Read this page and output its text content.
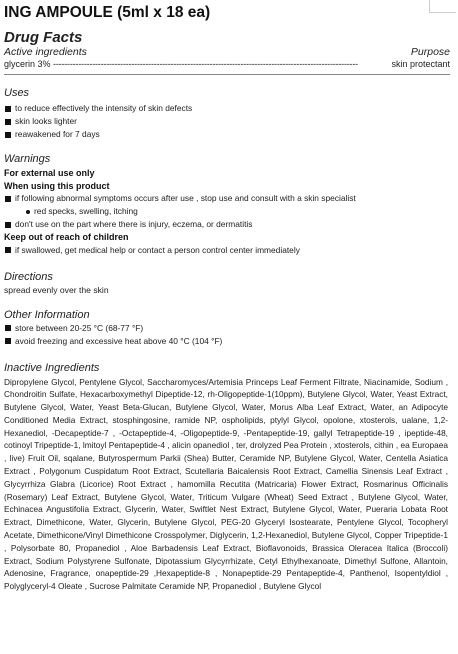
ING AMPOULE (5ml x 18 ea)
Drug Facts
Active ingredients	Purpose
glycerin 3%
-------------------------------------------------------------------------------------------------------------
	skin protectant
Uses
to reduce effectively the intensity of skin defects
skin looks lighter
reawakened for 7 days
Warnings
For external use only
When using this product
if following abnormal symptoms occurs after use , stop use and consult with a skin specialist
red specks, swelling, itching
don't use on the part where there is injury, eczema, or dermatitis
Keep out of reach of children
if swallowed, get medical help or contact a person control center immediately
Directions
spread evenly over the skin
Other Information
store between 20-25 °C (68-77 °F)
avoid freezing and excessive heat above 40 °C (104 °F)
Inactive Ingredients
Dipropylene Glycol, Pentylene Glycol, Saccharomyces/Artemisia Princeps Leaf Ferment Filtrate, Niacinamide, Sodium , Chondroitin Sulfate, Hexacarboxymethyl Dipeptide-12, rh-Oligopeptide-1(10ppm), Butylene Glycol, Water, Yeast Extract, Butylene Glycol, Water, Yeast Beta-Glucan, Butylene Glycol, Water, Morus Alba Leaf Extract, Water, an Adipocyte Conditioned Media Extract, stosphingosine, ramide NP, ospholipids, ptylyl Glycol, opolone, xtosterols, ualane, 1,2-Hexanediol, -Decapeptide-7 , -Octapeptide-4, -Oligopeptide-9, -Pentapeptide-19, gallyl Tetrapeptide-19 , ipeptide-48, cotinoyl Tripeptide-1, lmitoyl Pentapeptide-4 , alicin opanediol , ter, drolyzed Pea Protein , xtosterols, cithin , ea Europaea , live) Fruit Oil, sqalane, Butyrospermum Parkii (Shea) Butter, Ceramide NP, Butylene Glycol, Water, Centella Asiatica Extract , Polygonum Cuspidatum Root Extract, Scutellaria Baicalensis Root Extract, Camellia Sinensis Leaf Extract , Glycyrrhiza Glabra (Licorice) Root Extract , hamomilla Recutita (Matricaria) Flower Extract, Rosmarinus Officinalis (Rosemary) Leaf Extract, Butylene Glycol, Water, Triticum Vulgare (Wheat) Seed Extract , Butylene Glycol, Water, Echinacea Angustifolia Extract, Glycerin, Water, Swiftlet Nest Extract, Butylene Glycol, Water, Pueraria Lobata Root Extract, Dimethicone, Water, Glycerin, Butylene Glycol, PEG-20 Glyceryl Isostearate, Pentylene Glycol, Tocopheryl Acetate, Dimethicone/Vinyl Dimethicone Crosspolymer, Diglycerin, 1,2-Hexanediol, Butylene Glycol, Copper Tripeptide-1 , Polysorbate 80, Propanediol , Aloe Barbadensis Leaf Extract, Bioflavonoids, Brassica Oleracea Italica (Broccoli) Extract, Sodium Polystyrene Sulfonate, Dipotassium Glycyrrhizate, Cetyl Ethylhexanoate, Dimethyl Sulfone, Allantoin, Adenosine, Fragrance, onapeptide-29 ,Hexapeptide-8 , Nonapeptide-29 Pentapeptide-4, Panthenol, Isopentyldiol , Polyglyceryl-4 Oleate , Sucrose Palmitate Ceramide NP, Propanediol , Butylene Glycol
